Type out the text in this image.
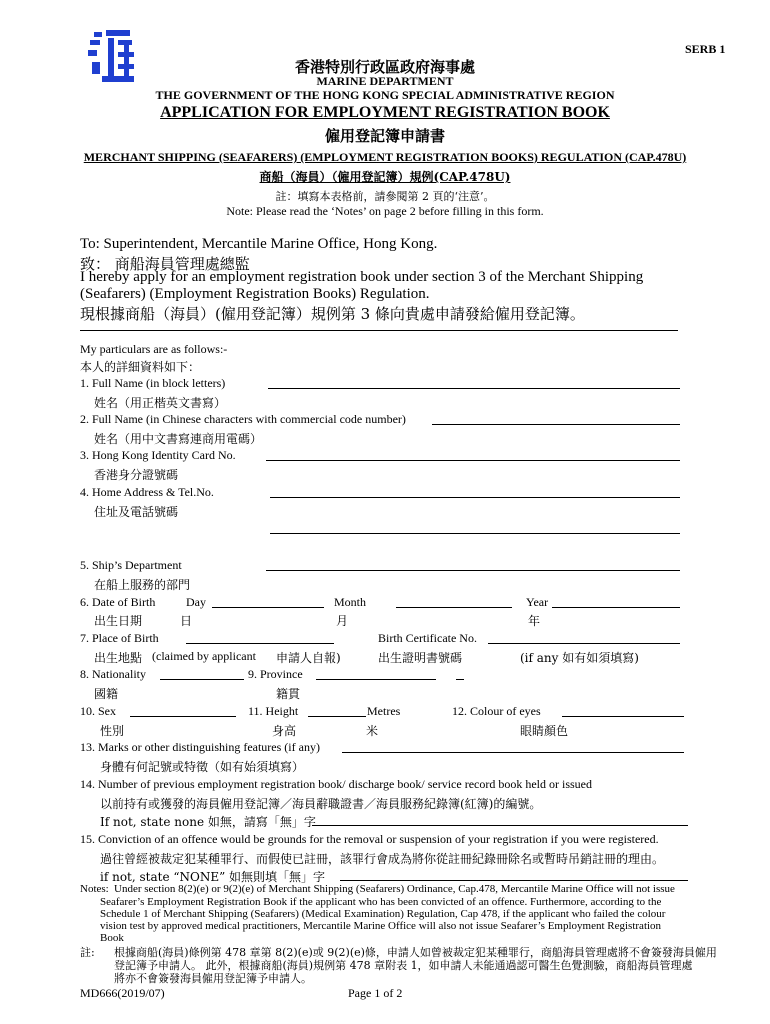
SERB 1
香港特別行政區政府海事處
MARINE DEPARTMENT
THE GOVERNMENT OF THE HONG KONG SPECIAL ADMINISTRATIVE REGION
APPLICATION FOR EMPLOYMENT REGISTRATION BOOK
僱用登記簿申請書
MERCHANT SHIPPING (SEAFARERS) (EMPLOYMENT REGISTRATION BOOKS) REGULATION (CAP.478U)
商船（海員）（僱用登記簿）規例(CAP.478U)
註：填寫本表格前，請參閱第 2 頁的‘注意’。
Note: Please read the ‘Notes’ on page 2 before filling in this form.
To: Superintendent, Mercantile Marine Office, Hong Kong.
致： 商船海員管理處總監
I hereby apply for an employment registration book under section 3 of the Merchant Shipping
(Seafarers) (Employment Registration Books) Regulation.
現根據商船（海員）(僱用登記簿）規例第 3 條向貴處申請發給僱用登記簿。
My particulars are as follows:-
本人的詳細資料如下：
1. Full Name (in block letters)
姓名（用正楷英文書寫）
2. Full Name (in Chinese characters with commercial code number)
姓名（用中文書寫連商用電碼）
3. Hong Kong Identity Card No.
香港身分證號碼
4. Home Address & Tel.No.
住址及電話號碼
5. Ship’s Department
在船上服務的部門
6. Date of Birth	Day	Month	Year
出生日期	日	月	年
7. Place of Birth	Birth Certificate No.
出生地點 (claimed by applicant 申請人自報)	出生證明書號碼	(if any 如有如須填寫)
8. Nationality	9. Province
國籍	籍貫
10. Sex	11. Height	Metres	12. Colour of eyes
性別	身高	米	眼睛顏色
13. Marks or other distinguishing features (if any)
身體有何記號或特徵（如有始須填寫）
14. Number of previous employment registration book/ discharge book/ service record book held or issued
以前持有或獲發的海員僱用登記簿／海員辭職證書／海員服務紀錄簿(紅簿)的編號。
If not, state none 如無，請寫「無」字
15. Conviction of an offence would be grounds for the removal or suspension of your registration if you were registered.
過往曾經被裁定犯某種罪行、而假使已註冊，該罪行會成為將你從註冊紀錄冊除名或暫時吊銷註冊的理由。
if not, state “NONE” 如無則填「無」字
Notes: Under section 8(2)(e) or 9(2)(e) of Merchant Shipping (Seafarers) Ordinance, Cap.478, Mercantile Marine Office will not issue
Seafarer’s Employment Registration Book if the applicant who has been convicted of an offence. Furthermore, according to the
Schedule 1 of Merchant Shipping (Seafarers) (Medical Examination) Regulation, Cap 478, if the applicant who failed the colour
vision test by approved medical practitioners, Mercantile Marine Office will also not issue Seafarer’s Employment Registration
Book
註: 根據商船(海員)條例第 478 章第 8(2)(e)或 9(2)(e)條，申請人如曾被裁定犯某種罪行，商船海員管理處將不會簽發海員僱用
登記簿予申請人。 此外，根據商船(海員)規例第 478 章附表 1，如申請人未能通過認可醫生色覺測驗，商船海員管理處
將亦不會簽發海員僱用登記簿予申請人。
MD666(2019/07)	Page 1 of 2
